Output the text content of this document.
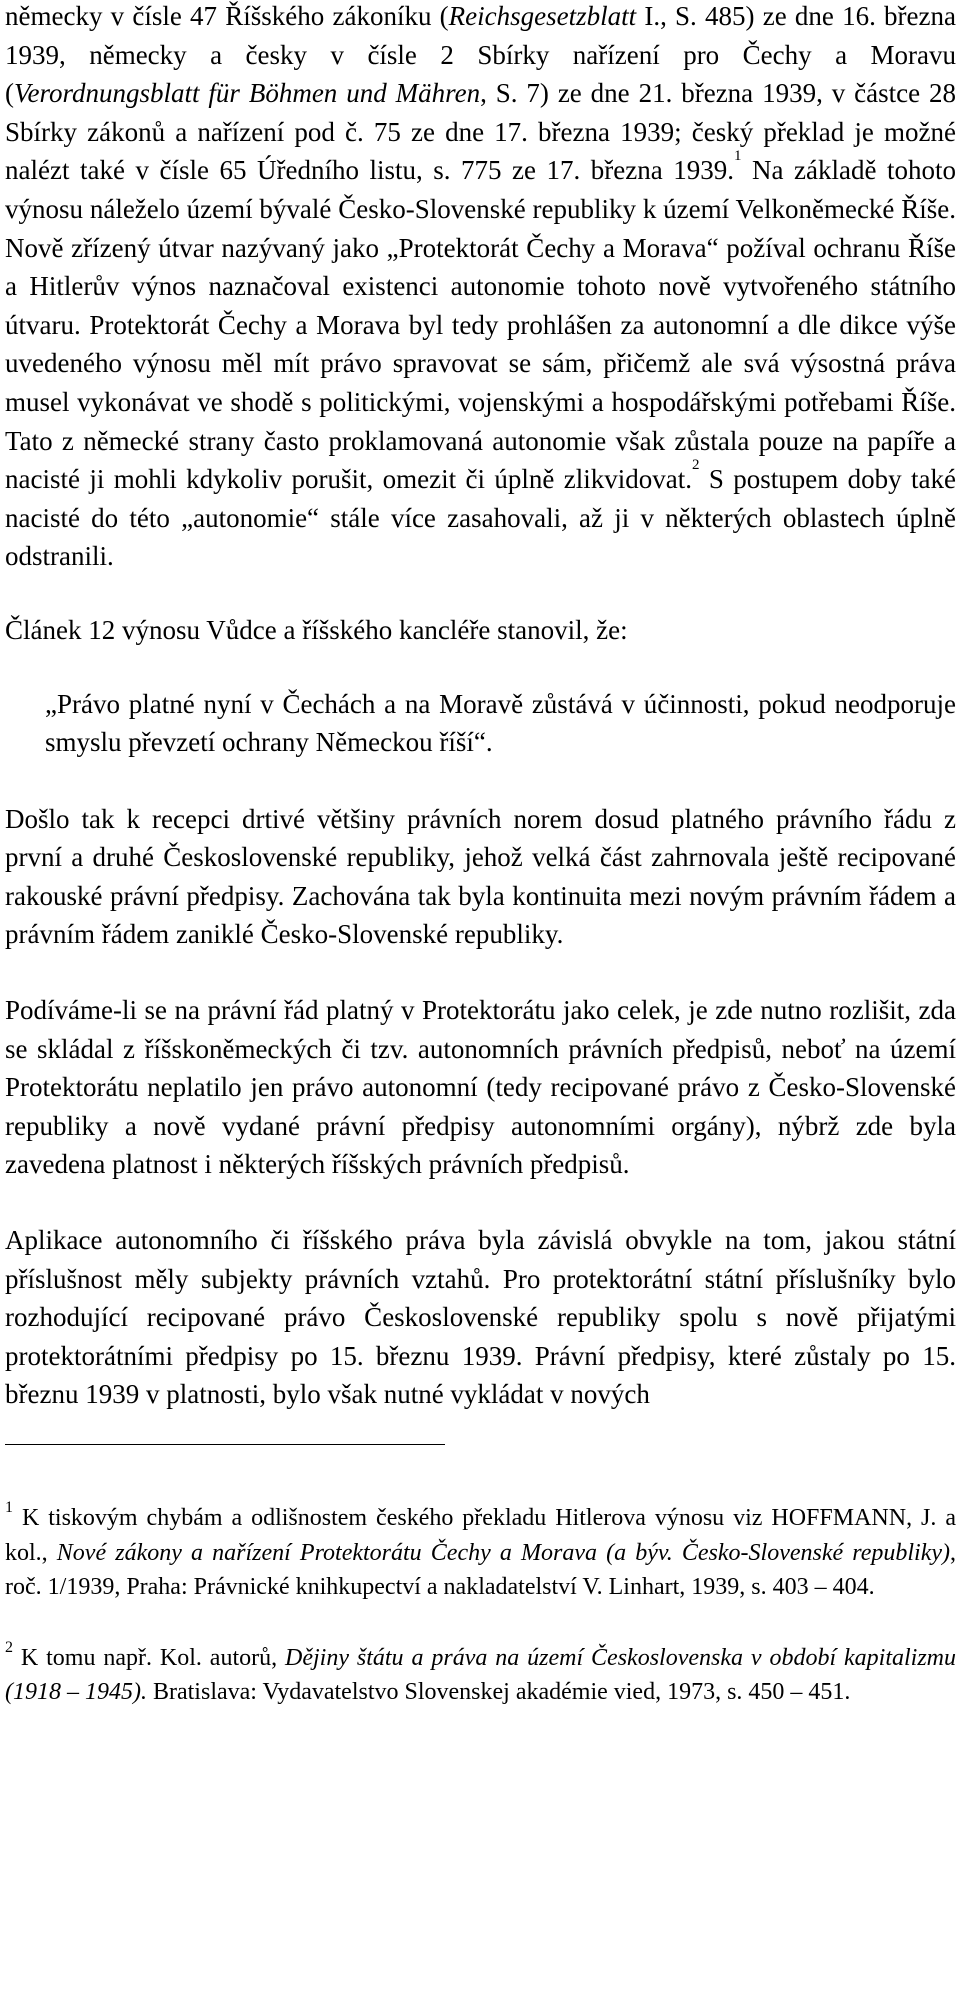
německy v čísle 47 Říšského zákoníku (Reichsgesetzblatt I., S. 485) ze dne 16. března 1939, německy a česky v čísle 2 Sbírky nařízení pro Čechy a Moravu (Verordnungsblatt für Böhmen und Mähren, S. 7) ze dne 21. března 1939, v částce 28 Sbírky zákonů a nařízení pod č. 75 ze dne 17. března 1939; český překlad je možné nalézt také v čísle 65 Úředního listu, s. 775 ze 17. března 1939.$^1$ Na základě tohoto výnosu náleželo území bývalé Česko-Slovenské republiky k území Velkoněmecké Říše. Nově zřízený útvar nazývaný jako „Protektorát Čechy a Morava“ požíval ochranu Říše a Hitlerův výnos naznačoval existenci autonomie tohoto nově vytvořeného státního útvaru. Protektorát Čechy a Morava byl tedy prohlášen za autonomní a dle dikce výše uvedeného výnosu měl mít právo spravovat se sám, přičemž ale svá výsostná práva musel vykonávat ve shodě s politickými, vojenskými a hospodářskými potřebami Říše. Tato z německé strany často proklamovaná autonomie však zůstala pouze na papíře a nacisté ji mohli kdykoliv porušit, omezit či úplně zlikvidovat.$^2$ S postupem doby také nacisté do této „autonomie“ stále více zasahovali, až ji v některých oblastech úplně odstranili.

Článek 12 výnosu Vůdce a říšského kancléře stanovil, že:

„Právo platné nyní v Čechách a na Moravě zůstává v účinnosti, pokud neodporuje smyslu převzetí ochrany Německou říší“.

Došlo tak k recepci drtivé většiny právních norem dosud platného právního řádu z první a druhé Československé republiky, jehož velká část zahrnovala ještě recipované rakouské právní předpisy. Zachována tak byla kontinuita mezi novým právním řádem a právním řádem zaniklé Česko-Slovenské republiky.

Podíváme-li se na právní řád platný v Protektorátu jako celek, je zde nutno rozlišit, zda se skládal z říšskoněmeckých či tzv. autonomních právních předpisů, neboť na území Protektorátu neplatilo jen právo autonomní (tedy recipované právo z Česko-Slovenské republiky a nově vydané právní předpisy autonomními orgány), nýbrž zde byla zavedena platnost i některých říšských právních předpisů.

Aplikace autonomního či říšského práva byla závislá obvykle na tom, jakou státní příslušnost měly subjekty právních vztahů. Pro protektorátní státní příslušníky bylo rozhodující recipované právo Československé republiky spolu s nově přijatými protektorátními předpisy po 15. březnu 1939. Právní předpisy, které zůstaly po 15. březnu 1939 v platnosti, bylo však nutné vykládat v nových

$^1$ K tiskovým chybám a odlišnostem českého překladu Hitlerova výnosu viz HOFFMANN, J. a kol., Nové zákony a nařízení Protektorátu Čechy a Morava (a býv. Česko-Slovenské republiky), roč. 1/1939, Praha: Právnické knihkupectví a nakladatelství V. Linhart, 1939, s. 403 – 404.

$^2$ K tomu např. Kol. autorů, Dějiny štátu a práva na území Československa v období kapitalizmu (1918 – 1945). Bratislava: Vydavatelstvo Slovenskej akadémie vied, 1973, s. 450 – 451.
